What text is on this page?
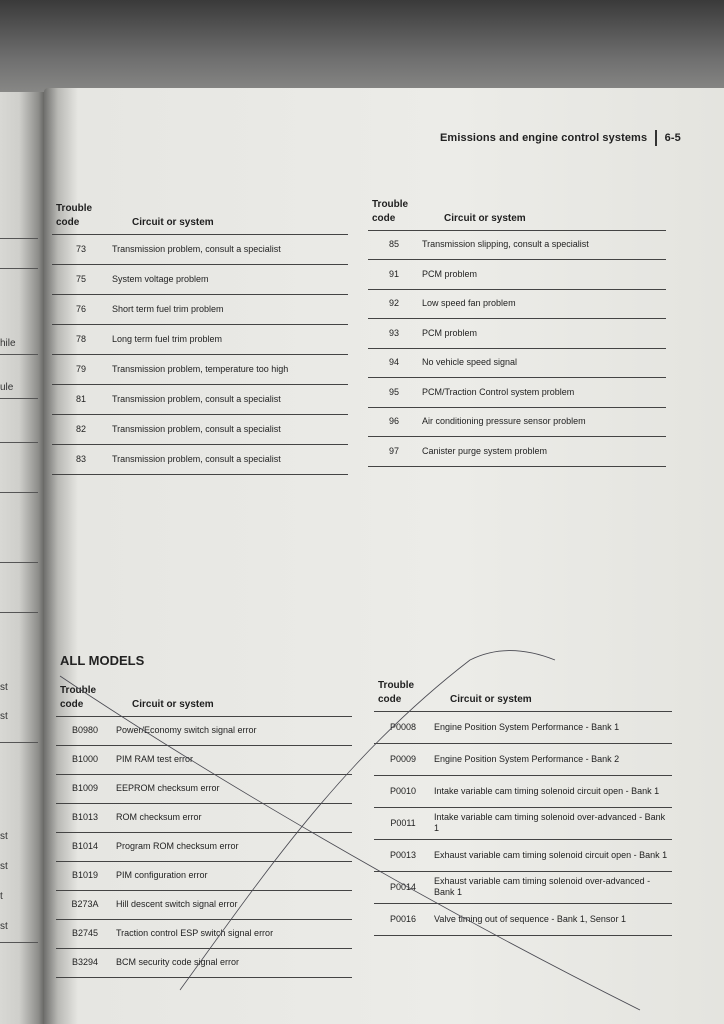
hile
ule
st
st
st
st
t
st
Emissions and engine control systems 6-5
Trouble code	Circuit or system
73	Transmission problem, consult a specialist
75	System voltage problem
76	Short term fuel trim problem
78	Long term fuel trim problem
79	Transmission problem, temperature too high
81	Transmission problem, consult a specialist
82	Transmission problem, consult a specialist
83	Transmission problem, consult a specialist
Trouble code	Circuit or system
85	Transmission slipping, consult a specialist
91	PCM problem
92	Low speed fan problem
93	PCM problem
94	No vehicle speed signal
95	PCM/Traction Control system problem
96	Air conditioning pressure sensor problem
97	Canister purge system problem
ALL MODELS
Trouble code	Circuit or system
B0980	Power/Economy switch signal error
B1000	PIM RAM test error
B1009	EEPROM checksum error
B1013	ROM checksum error
B1014	Program ROM checksum error
B1019	PIM configuration error
B273A	Hill descent switch signal error
B2745	Traction control ESP switch signal error
B3294	BCM security code signal error
Trouble code	Circuit or system
P0008	Engine Position System Performance - Bank 1
P0009	Engine Position System Performance - Bank 2
P0010	Intake variable cam timing solenoid circuit open - Bank 1
P0011	Intake variable cam timing solenoid over-advanced - Bank 1
P0013	Exhaust variable cam timing solenoid circuit open - Bank 1
P0014	Exhaust variable cam timing solenoid over-advanced - Bank 1
P0016	Valve timing out of sequence - Bank 1, Sensor 1
